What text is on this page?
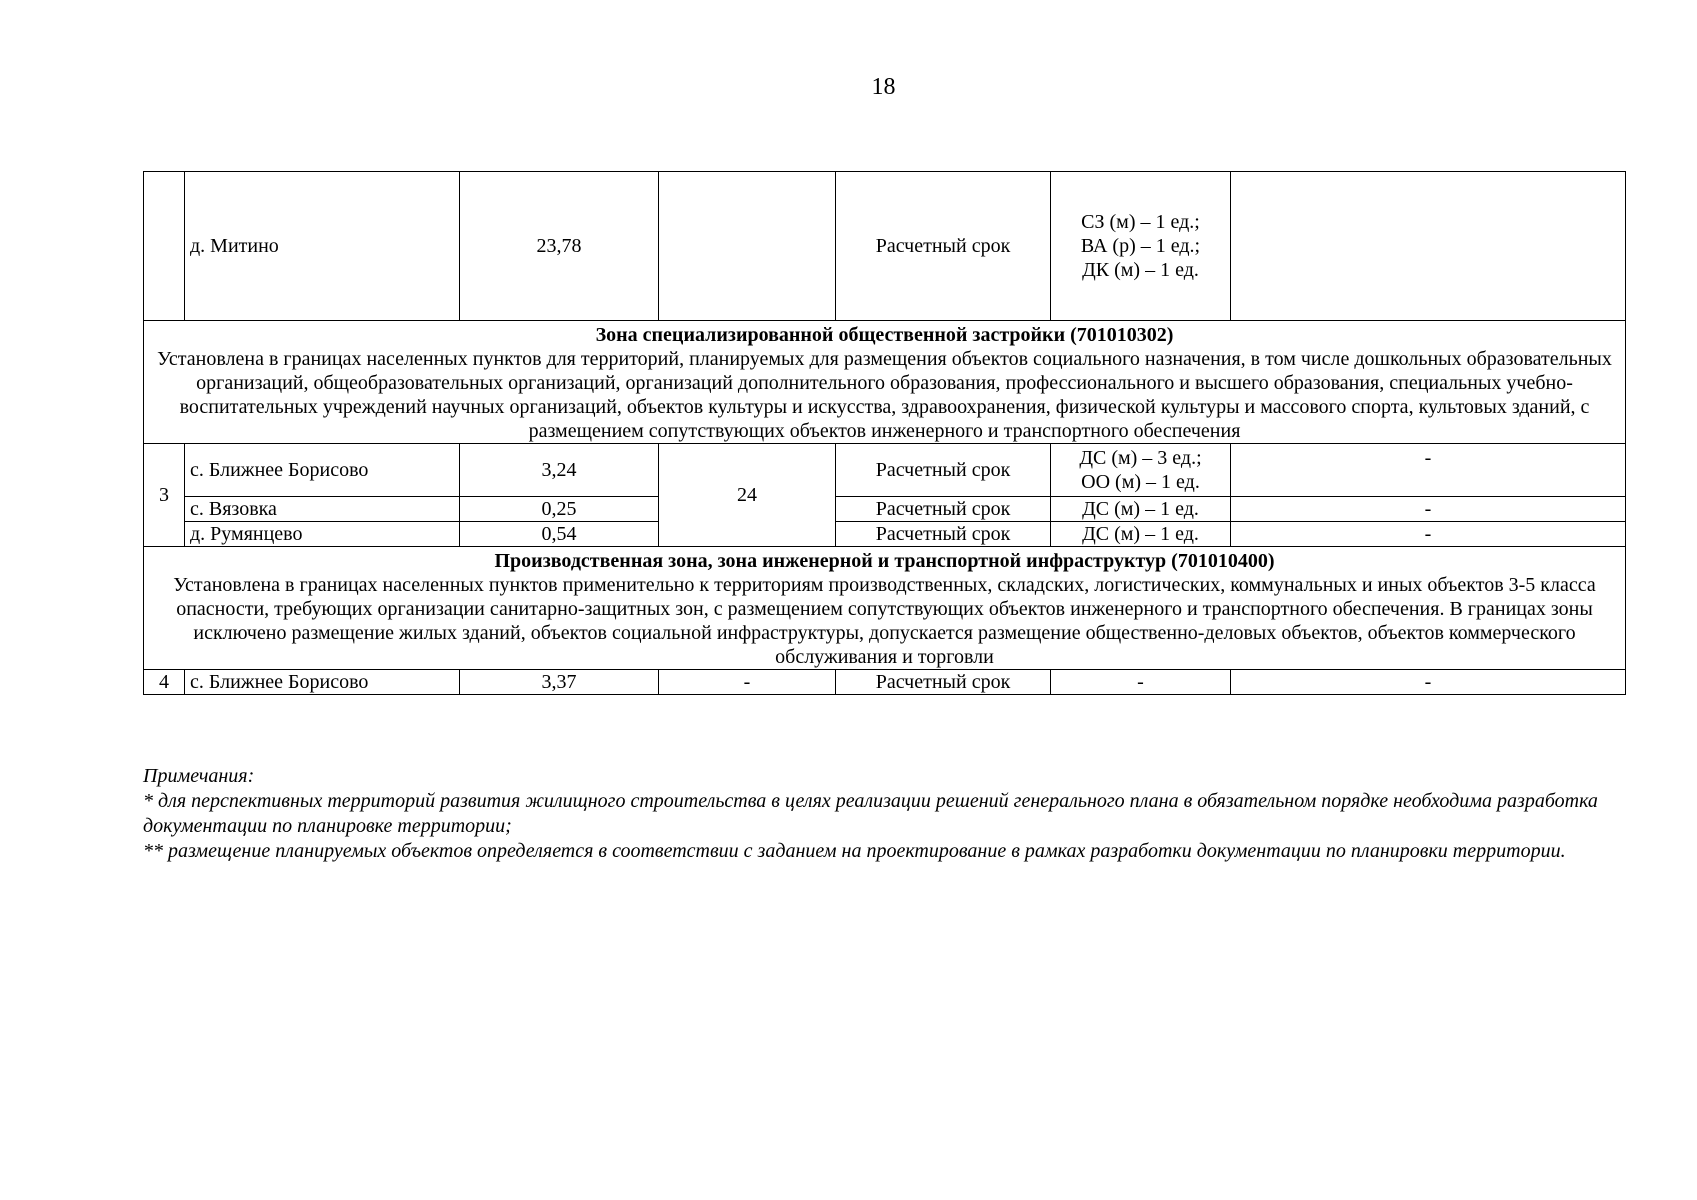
18
	д. Митино	23,78		Расчетный срок	СЗ (м) – 1 ед.;
ВА (р) – 1 ед.;
ДК (м) – 1 ед.	

Зона специализированной общественной застройки (701010302)
Установлена в границах населенных пунктов для территорий, планируемых для размещения объектов социального назначения, в том числе дошкольных образовательных организаций, общеобразовательных организаций, организаций дополнительного образования, профессионального и высшего образования, специальных учебно-воспитательных учреждений научных организаций, объектов культуры и искусства, здравоохранения, физической культуры и массового спорта, культовых зданий, с размещением сопутствующих объектов инженерного и транспортного обеспечения						

3	с. Ближнее Борисово	3,24	24	Расчетный срок	ДС (м) – 3 ед.;
ОО (м) – 1 ед.	-
	с. Вязовка	0,25		Расчетный срок	ДС (м) – 1 ед.	-
	д. Румянцево	0,54		Расчетный срок	ДС (м) – 1 ед.	-

Производственная зона, зона инженерной и транспортной инфраструктур (701010400)
Установлена в границах населенных пунктов применительно к территориям производственных, складских, логистических, коммунальных и иных объектов 3-5 класса опасности, требующих организации санитарно-защитных зон, с размещением сопутствующих объектов инженерного и транспортного обеспечения. В границах зоны исключено размещение жилых зданий, объектов социальной инфраструктуры, допускается размещение общественно-деловых объектов, объектов коммерческого обслуживания и торговли						

4	с. Ближнее Борисово	3,37	-	Расчетный срок	-	-

Примечания:

* для перспективных территорий развития жилищного строительства в целях реализации решений генерального плана в обязательном порядке необходима разработка документации по планировке территории;

** размещение планируемых объектов определяется в соответствии с заданием на проектирование в рамках разработки документации по планировки территории.
